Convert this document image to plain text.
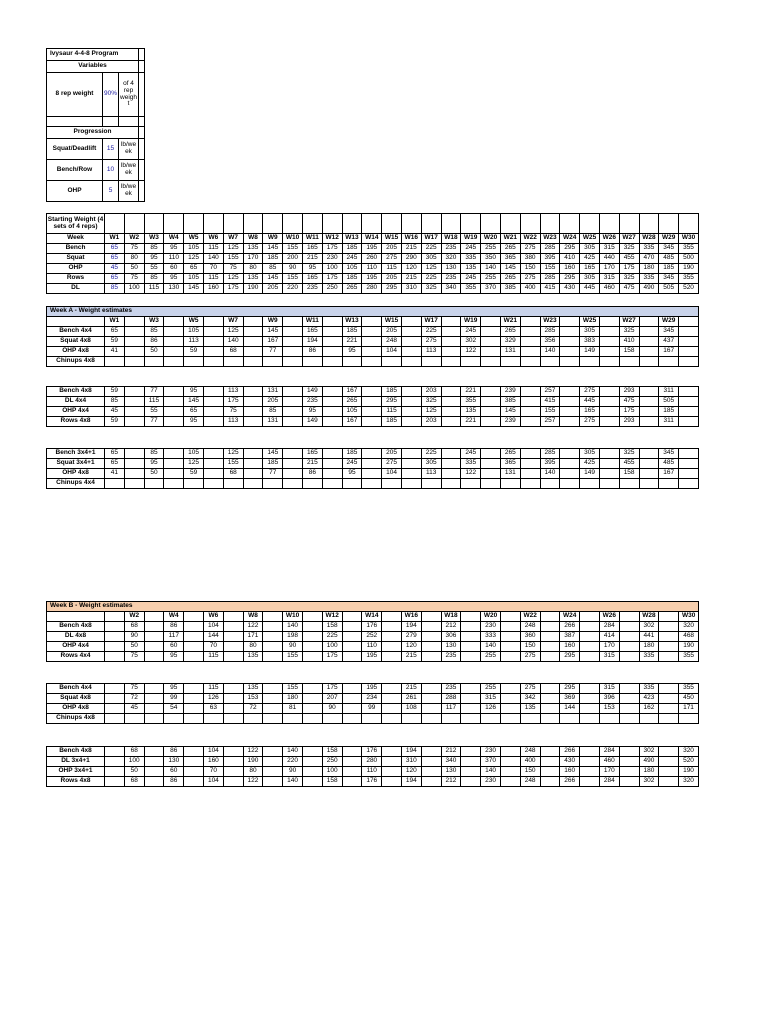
Ivysaur 4-4-8 Program			
Variables			
8 rep weight	90%	of 4 rep weigh t	

Progression			
Squat/Deadlift	15	lb/we ek	
Bench/Row	10	lb/we ek	
OHP	5	lb/we ek	
Starting Weight (4 sets of 4 reps)																														
Week	W1	W2	W3	W4	W5	W6	W7	W8	W9	W10	W11	W12	W13	W14	W15	W16	W17	W18	W19	W20	W21	W22	W23	W24	W25	W26	W27	W28	W29	W30
Bench	65	75	85	95	105	115	125	135	145	155	165	175	185	195	205	215	225	235	245	255	265	275	285	295	305	315	325	335	345	355
Squat	65	80	95	110	125	140	155	170	185	200	215	230	245	260	275	290	305	320	335	350	365	380	395	410	425	440	455	470	485	500
OHP	45	50	55	60	65	70	75	80	85	90	95	100	105	110	115	120	125	130	135	140	145	150	155	160	165	170	175	180	185	190
Rows	65	75	85	95	105	115	125	135	145	155	165	175	185	195	205	215	225	235	245	255	265	275	285	295	305	315	325	335	345	355
DL	85	100	115	130	145	160	175	190	205	220	235	250	265	280	295	310	325	340	355	370	385	400	415	430	445	460	475	490	505	520
Week A - Weight estimates																														
	W1		W3		W5		W7		W9		W11		W13		W15		W17		W19		W21		W23		W25		W27		W29	
Bench 4x4	65		85		105		125		145		165		185		205		225		245		265		285		305		325		345	
Squat 4x8	59		86		113		140		167		194		221		248		275		302		329		356		383		410		437	
OHP 4x8	41		50		59		68		77		86		95		104		113		122		131		140		149		158		167	
Chinups 4x8																														
Bench 4x8	59		77		95		113		131		149		167		185		203		221		239		257		275		293		311	
DL 4x4	85		115		145		175		205		235		265		295		325		355		385		415		445		475		505	
OHP 4x4	45		55		65		75		85		95		105		115		125		135		145		155		165		175		185	
Rows 4x8	59		77		95		113		131		149		167		185		203		221		239		257		275		293		311	
Bench 3x4+1	65		85		105		125		145		165		185		205		225		245		265		285		305		325		345	
Squat 3x4+1	65		95		125		155		185		215		245		275		305		335		365		395		425		455		485	
OHP 4x8	41		50		59		68		77		86		95		104		113		122		131		140		149		158		167	
Chinups 4x4																														
Week B - Weight estimates																														
		W2		W4		W6		W8		W10		W12		W14		W16		W18		W20		W22		W24		W26		W28		W30
Bench 4x8		68		86		104		122		140		158		176		194		212		230		248		266		284		302		320
DL 4x8		90		117		144		171		198		225		252		279		306		333		360		387		414		441		468
OHP 4x4		50		60		70		80		90		100		110		120		130		140		150		160		170		180		190
Rows 4x4		75		95		115		135		155		175		195		215		235		255		275		295		315		335		355
Bench 4x4		75		95		115		135		155		175		195		215		235		255		275		295		315		335		355
Squat 4x8		72		99		126		153		180		207		234		261		288		315		342		369		396		423		450
OHP 4x8		45		54		63		72		81		90		99		108		117		126		135		144		153		162		171
Chinups 4x8																														
Bench 4x8		68		86		104		122		140		158		176		194		212		230		248		266		284		302		320
DL 3x4+1		100		130		160		190		220		250		280		310		340		370		400		430		460		490		520
OHP 3x4+1		50		60		70		80		90		100		110		120		130		140		150		160		170		180		190
Rows 4x8		68		86		104		122		140		158		176		194		212		230		248		266		284		302		320
